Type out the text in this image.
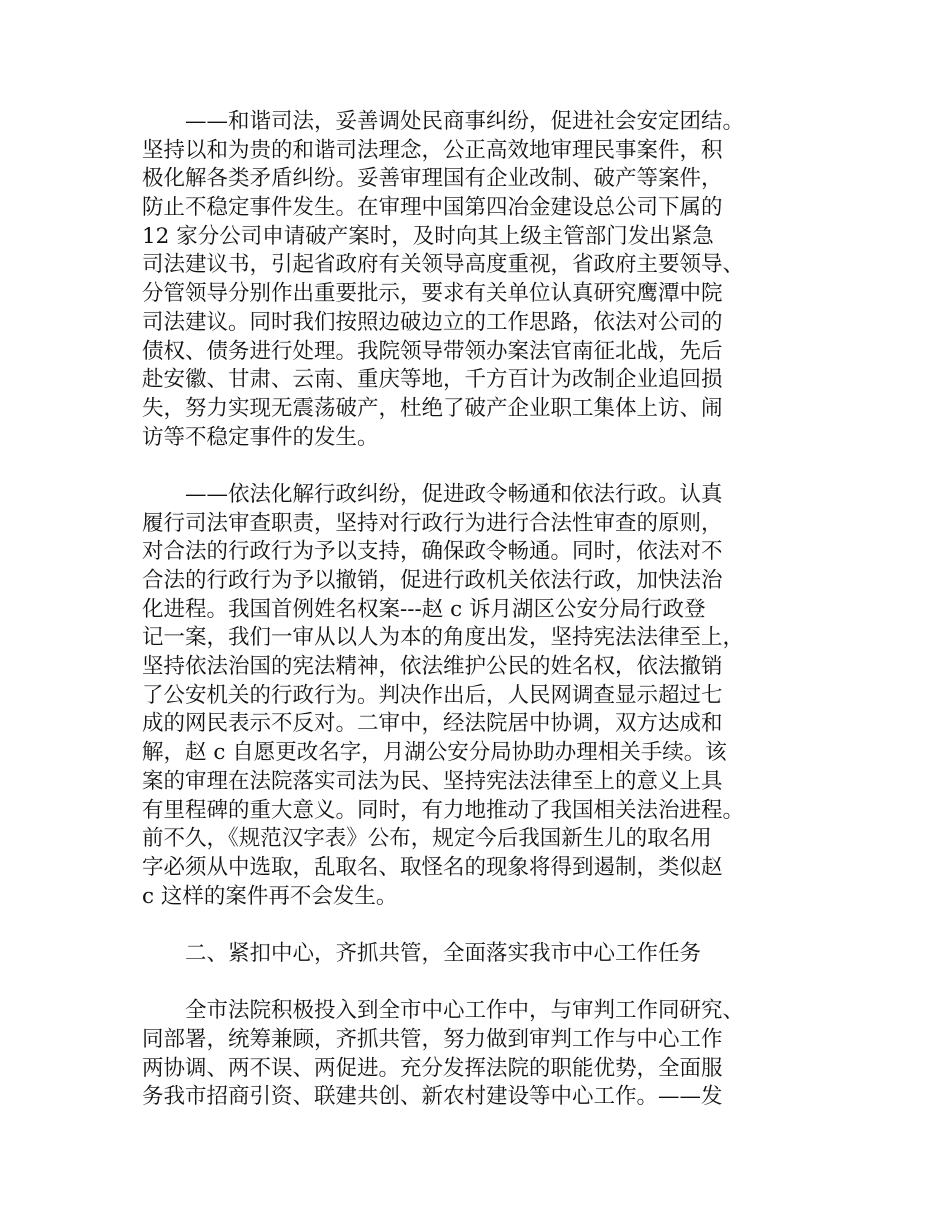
——和谐司法，妥善调处民商事纠纷，促进社会安定团结。
坚持以和为贵的和谐司法理念，公正高效地审理民事案件，积
极化解各类矛盾纠纷。妥善审理国有企业改制、破产等案件，
防止不稳定事件发生。在审理中国第四冶金建设总公司下属的
12 家分公司申请破产案时，及时向其上级主管部门发出紧急
司法建议书，引起省政府有关领导高度重视，省政府主要领导、
分管领导分别作出重要批示，要求有关单位认真研究鹰潭中院
司法建议。同时我们按照边破边立的工作思路，依法对公司的
债权、债务进行处理。我院领导带领办案法官南征北战，先后
赴安徽、甘肃、云南、重庆等地，千方百计为改制企业追回损
失，努力实现无震荡破产，杜绝了破产企业职工集体上访、闹
访等不稳定事件的发生。
——依法化解行政纠纷，促进政令畅通和依法行政。认真
履行司法审查职责，坚持对行政行为进行合法性审查的原则，
对合法的行政行为予以支持，确保政令畅通。同时，依法对不
合法的行政行为予以撤销，促进行政机关依法行政，加快法治
化进程。我国首例姓名权案---赵 c 诉月湖区公安分局行政登
记一案，我们一审从以人为本的角度出发，坚持宪法法律至上，
坚持依法治国的宪法精神，依法维护公民的姓名权，依法撤销
了公安机关的行政行为。判决作出后，人民网调查显示超过七
成的网民表示不反对。二审中，经法院居中协调，双方达成和
解，赵 c 自愿更改名字，月湖公安分局协助办理相关手续。该
案的审理在法院落实司法为民、坚持宪法法律至上的意义上具
有里程碑的重大意义。同时，有力地推动了我国相关法治进程。
前不久，《规范汉字表》公布，规定今后我国新生儿的取名用
字必须从中选取，乱取名、取怪名的现象将得到遏制，类似赵
c 这样的案件再不会发生。
二、紧扣中心，齐抓共管，全面落实我市中心工作任务
全市法院积极投入到全市中心工作中，与审判工作同研究、
同部署，统筹兼顾，齐抓共管，努力做到审判工作与中心工作
两协调、两不误、两促进。充分发挥法院的职能优势，全面服
务我市招商引资、联建共创、新农村建设等中心工作。——发
